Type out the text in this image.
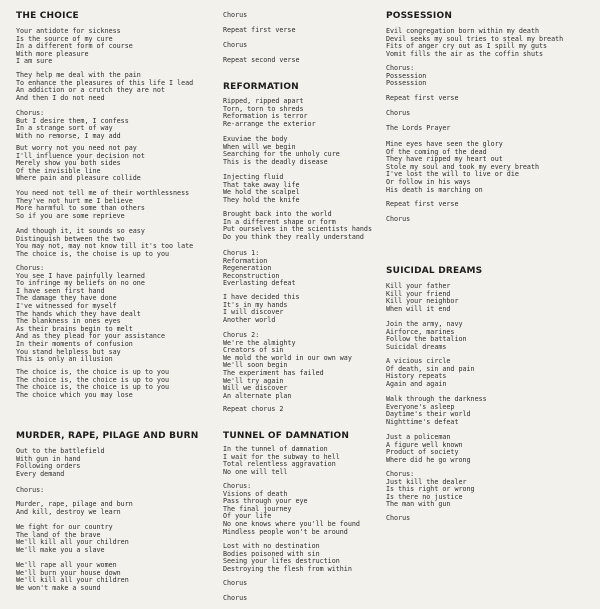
THE CHOICE
Your antidote for sickness
Is the source of my cure
In a different form of course
With more pleasure
I am sure
They help me deal with the pain
To enhance the pleasures of this life I lead
An addiction or a crutch they are not
And then I do not need
Chorus:
But I desire them, I confess
In a strange sort of way
With no remorse, I may add
But worry not you need not pay
I'll influence your decision not
Merely show you both sides
Of the invisible line
Where pain and pleasure collide
You need not tell me of their worthlessness
They've not hurt me I believe
More harmful to some than others
So if you are some reprieve
And though it, it sounds so easy
Distinguish between the two
You may not, may not know till it's too late
The choice is, the choise is up to you
Chorus:
You see I have painfully learned
To infringe my beliefs on no one
I have seen first hand
The damage they have done
I've witnessed for myself
The hands which they have dealt
The blankness in ones eyes
As their brains begin to melt
And as they plead for your assistance
In their moments of confusion
You stand helpless but say
This is only an illusion
The choice is, the choice is up to you
The choice is, the choice is up to you
The choice is, the choice is up to you
The choice which you may lose
MURDER, RAPE, PILAGE AND BURN
Out to the battlefield
With gun in hand
Following orders
Every demand
Chorus:
Murder, rape, pilage and burn
And kill, destroy we learn
We fight for our country
The land of the brave
We'll kill all your children
We'll make you a slave
We'll rape all your women
We'll burn your house down
We'll kill all your children
We won't make a sound
Chorus
Repeat first verse
Chorus
Repeat second verse
REFORMATION
Ripped, ripped apart
Torn, torn to shreds
Reformation is terror
Re-arrange the exterior
Exuviae the body
When will we begin
Searching for the unholy cure
This is the deadly disease
Injecting fluid
That take away life
We hold the scalpel
They hold the knife
Brought back into the world
In a different shape or form
Put ourselves in the scientists hands
Do you think they really understand
Chorus 1:
Reformation
Regeneration
Reconstruction
Everlasting defeat
I have decided this
It's in my hands
I will discover
Another world
Chorus 2:
We're the almighty
Creators of sin
We mold the world in our own way
We'll soon begin
The experiment has failed
We'll try again
Will we discover
An alternate plan
Repeat chorus 2
TUNNEL OF DAMNATION
In the tunnel of damnation
I wait for the subway to hell
Total relentless aggravation
No one will tell
Chorus:
Visions of death
Pass through your eye
The final journey
Of your life
No one knows where you'll be found
Mindless people won't be around
Lost with no destination
Bodies poisoned with sin
Seeing your lifes destruction
Destroying the flesh from within
Chorus
Chorus
POSSESSION
Evil congregation born within my death
Devil seeks my soul tries to steal my breath
Fits of anger cry out as I spill my guts
Vomit fills the air as the coffin shuts
Chorus:
Possession
Possession
Repeat first verse
Chorus
The Lords Prayer
Mine eyes have seen the glory
Of the coming of the dead
They have ripped my heart out
Stole my soul and took my every breath
I've lost the will to live or die
Or follow in his ways
His death is marching on
Repeat first verse
Chorus
SUICIDAL DREAMS
Kill your father
Kill your friend
Kill your neighbor
When will it end
Join the army, navy
Airforce, marines
Follow the battalion
Suicidal dreams
A vicious circle
Of death, sin and pain
History repeats
Again and again
Walk through the darkness
Everyone's asleep
Daytime's their world
Nighttime's defeat
Just a policeman
A figure well known
Product of society
Where did he go wrong
Chorus:
Just kill the dealer
Is this right or wrong
Is there no justice
The man with gun
Chorus
